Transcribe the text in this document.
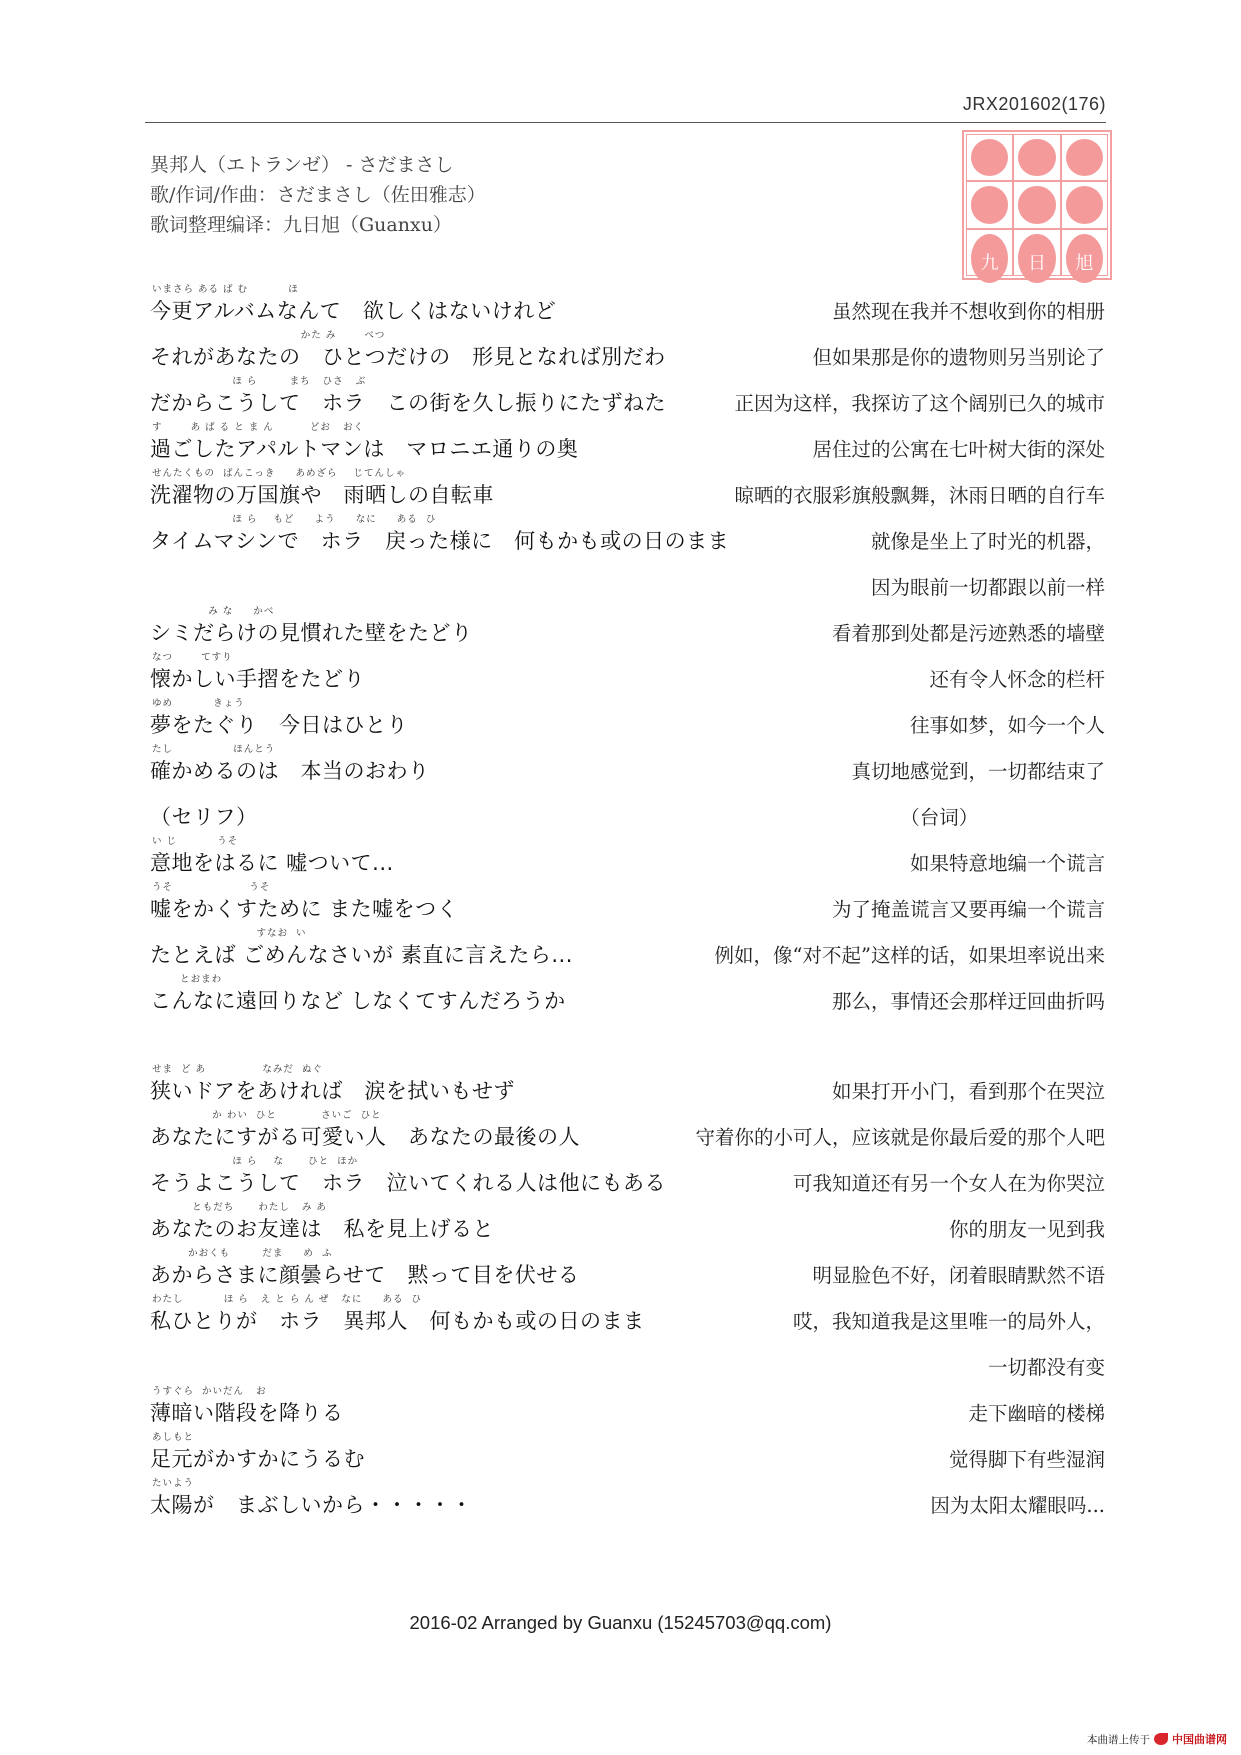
JRX201602(176)
異邦人（エトランゼ） - さだまさし
歌/作词/作曲：さだまさし（佐田雅志）
歌词整理编译：九日旭（Guanxu）
九	日	旭
いまさら ある ば む          ほ
今更アルバムなんて　欲しくはないけれど	虽然现在我并不想收到你的相册
かた み       べつ
それがあなたの　ひとつだけの　形見となれば別だわ	但如果那是你的遗物则另当别论了
ほ ら        まち   ひさ   ぶ
だからこうして　ホラ　この街を久し振りにたずねた	正因为这样，我探访了这个阔别已久的城市
す       あ ぱ る と ま ん         どお   おく
過ごしたアパルトマンは　マロニエ通りの奥	居住过的公寓在七叶树大街的深处
せんたくもの  ばんこっき     あめざら    じてんしゃ
洗濯物の万国旗や　雨晒しの自転車	晾晒的衣服彩旗般飘舞，沐雨日晒的自行车
ほ ら    もど     よう     なに     ある  ひ
タイムマシンで　ホラ　戻った様に　何もかも或の日のまま	就像是坐上了时光的机器，
因为眼前一切都跟以前一样
み な     かべ
シミだらけの見慣れた壁をたどり	看着那到处都是污迹熟悉的墙壁
なつ       てすり
懐かしい手摺をたどり	还有令人怀念的栏杆
ゆめ          きょう
夢をたぐり　今日はひとり	往事如梦，如今一个人
たし               ほんとう
確かめるのは　本当のおわり	真切地感觉到，一切都结束了
（セリフ）	（台词）　　　　　　　
い じ          うそ
意地をはるに 嘘ついて...	如果特意地编一个谎言
うそ                   うそ
嘘をかくすために また嘘をつく	为了掩盖谎言又要再编一个谎言
すなお  い
たとえば ごめんなさいが 素直に言えたら...	例如，像“对不起”这样的话，如果坦率说出来
とおまわ
こんなに遠回りなど しなくてすんだろうか	那么，事情还会那样迂回曲折吗
せま  ど あ              なみだ  ぬぐ
狭いドアをあければ　涙を拭いもせず	如果打开小门，看到那个在哭泣
か わい  ひと           さいご  ひと
あなたにすがる可愛い人　あなたの最後の人	守着你的小可人，应该就是你最后爱的那个人吧
ほ ら    な      ひと  ほか
そうよこうして　ホラ　泣いてくれる人は他にもある	可我知道还有另一个女人在为你哭泣
ともだち      わたし   み あ
あなたのお友達は　私を見上げると	你的朋友一见到我
かおくも        だま     め  ふ
あからさまに顔曇らせて　黙って目を伏せる	明显脸色不好，闭着眼睛默然不语
わたし          ほ ら   え と ら ん ぜ   なに     ある  ひ
私ひとりが　ホラ　異邦人　何もかも或の日のまま	哎，我知道我是这里唯一的局外人，
一切都没有变
うすぐら  かいだん   お
薄暗い階段を降りる	走下幽暗的楼梯
あしもと
足元がかすかにうるむ	觉得脚下有些湿润
たいよう
太陽が　まぶしいから・・・・・	因为太阳太耀眼吗...
2016-02 Arranged by Guanxu (15245703@qq.com)
本曲谱上传于 中国曲谱网
